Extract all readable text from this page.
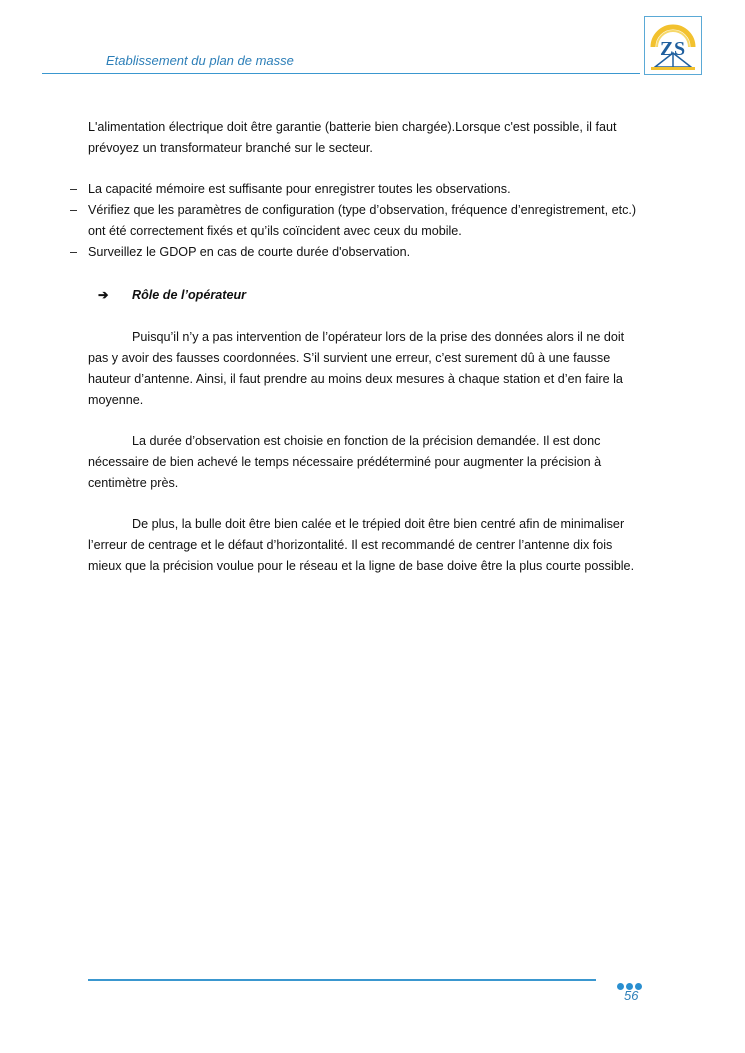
Etablissement du plan de masse
Z S

L'alimentation électrique doit être garantie (batterie bien chargée).Lorsque c'est possible, il faut prévoyez un transformateur branché sur le secteur.

– La capacité mémoire est suffisante pour enregistrer toutes les observations.

– Vérifiez que les paramètres de configuration (type d’observation, fréquence d’enregistrement, etc.) ont été correctement fixés et qu’ils coïncident avec ceux du mobile.

– Surveillez le GDOP en cas de courte durée d'observation.

➔ Rôle de l’opérateur

Puisqu’il n’y a pas intervention de l’opérateur lors de la prise des données alors il ne doit pas y avoir des fausses coordonnées. S’il survient une erreur, c’est surement dû à une fausse hauteur d’antenne. Ainsi, il faut prendre au moins deux mesures à chaque station et d’en faire la moyenne.

La durée d’observation est choisie en fonction de la précision demandée. Il est donc nécessaire de bien achevé le temps nécessaire prédéterminé pour augmenter la précision à centimètre près.

De plus, la bulle doit être bien calée et le trépied doit être bien centré afin de minimaliser l’erreur de centrage et le défaut d’horizontalité. Il est recommandé de centrer l’antenne dix fois mieux que la précision voulue pour le réseau et la ligne de base doive être la plus courte possible.

56
